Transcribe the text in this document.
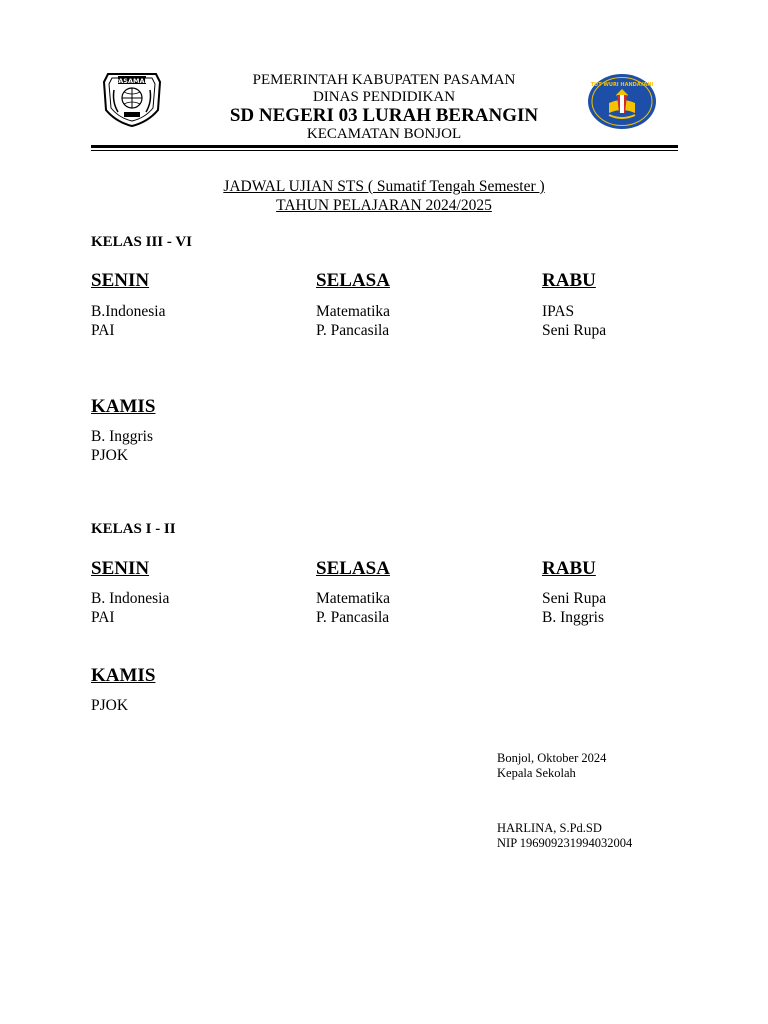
PASAMAN	TUT WURI HANDAYANI
PEMERINTAH KABUPATEN PASAMAN
DINAS PENDIDIKAN
SD NEGERI 03 LURAH BERANGIN
KECAMATAN BONJOL
JADWAL UJIAN STS ( Sumatif Tengah Semester )
TAHUN PELAJARAN 2024/2025
KELAS III - VI
SENIN
B.Indonesia
PAI
SELASA
Matematika
P. Pancasila
RABU
IPAS
Seni Rupa
KAMIS
B. Inggris
PJOK
KELAS I - II
SENIN
B. Indonesia
PAI
SELASA
Matematika
P. Pancasila
RABU
Seni Rupa
B. Inggris
KAMIS
PJOK
Bonjol, Oktober 2024
Kepala Sekolah
HARLINA, S.Pd.SD
NIP 196909231994032004
